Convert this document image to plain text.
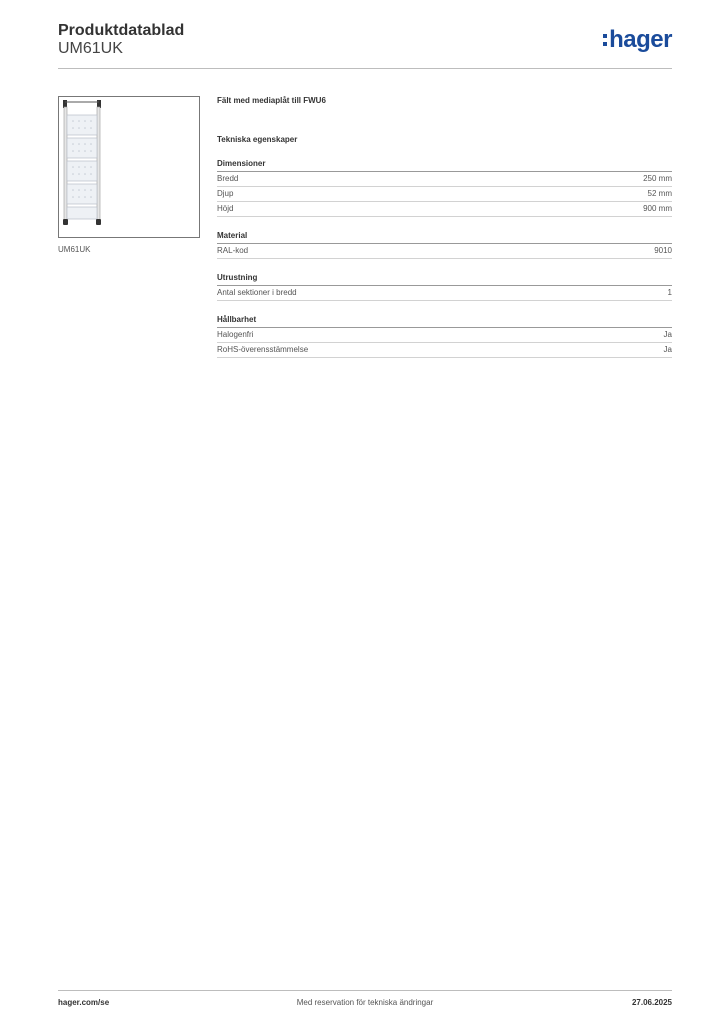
Produktdatablad
UM61UK	hager
UM61UK
Fält med mediaplåt till FWU6
Tekniska egenskaper
Dimensioner
Bredd	250 mm
Djup	52 mm
Höjd	900 mm
Material
RAL-kod	9010
Utrustning
Antal sektioner i bredd	1
Hållbarhet
Halogenfri	Ja
RoHS-överensstämmelse	Ja
hager.com/se	Med reservation för tekniska ändringar	27.06.2025
